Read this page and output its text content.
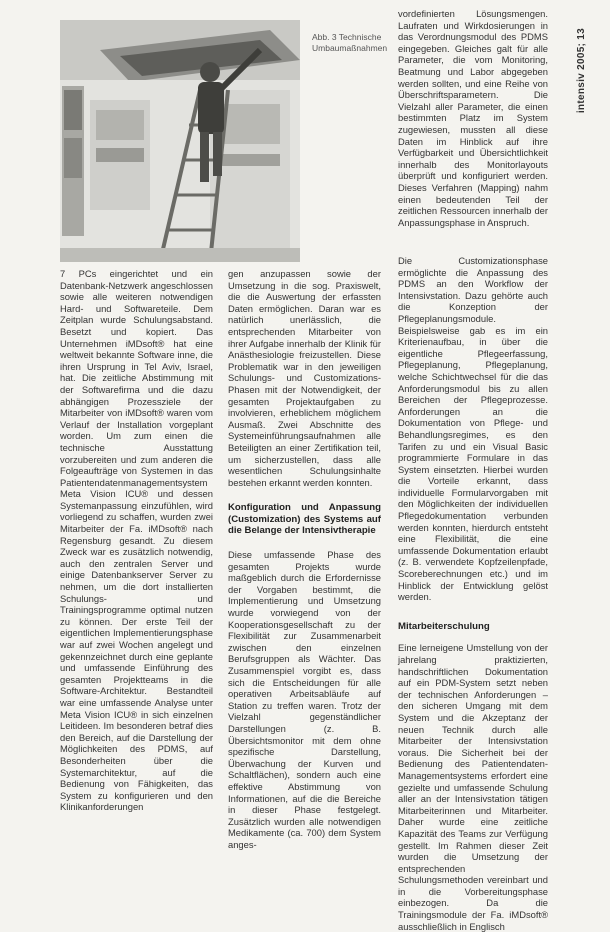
Abb. 3 Technische Umbaumaßnahmen	intensiv 2005; 13

7 PCs eingerichtet und ein Datenbank-Netzwerk angeschlossen sowie alle weiteren notwendigen Hard- und Softwareteile. Dem Zeitplan wurde Schulungsabstand. Besetzt und kopiert. Das Unternehmen iMDsoft® hat eine weltweit bekannte Software inne, die ihren Ursprung in Tel Aviv, Israel, hat. Die zeitliche Abstimmung mit der Softwarefirma und die dazu abhängigen Prozessziele der Mitarbeiter von iMDsoft® waren vom Verlauf der Installation vorgeplant worden. Um zum einen die technische Ausstattung vorzubereiten und zum anderen die Folgeaufträge von Systemen in das Patientendatenmanagementsystem Meta Vision ICU® und dessen Systemanpassung einzufühlen, wird vorliegend zu schaffen, wurden zwei Mitarbeiter der Fa. iMDsoft® nach Regensburg gesandt. Zu diesem Zweck war es zusätzlich notwendig, auch den zentralen Server und einige Datenbankserver Server zu nehmen, um die dort installierten Schulungs- und Trainingsprogramme optimal nutzen zu können. Der erste Teil der eigentlichen Implementierungsphase war auf zwei Wochen angelegt und gekennzeichnet durch eine geplante und umfassende Einführung des gesamten Projektteams in die Software-Architektur. Bestandteil war eine umfassende Analyse unter Meta Vision ICU® in sich einzelnen Leitideen. Im besonderen betraf dies den Bereich, auf die Darstellung der Möglichkeiten des PDMS, auf Besonderheiten über die Systemarchitektur, auf die Bedienung von Fähigkeiten, das System zu konfigurieren und den Klinikanforderungen

gen anzupassen sowie der Umsetzung in die sog. Praxiswelt, die die Auswertung der erfassten Daten ermöglichen. Daran war es natürlich unerlässlich, die entsprechenden Mitarbeiter von ihrer Aufgabe innerhalb der Klinik für Anästhesiologie freizustellen. Diese Problematik war in den jeweiligen Schulungs- und Customizations-Phasen mit der Notwendigkeit, der gesamten Projektaufgaben zu involvieren, erheblichem möglichem Ausmaß. Zwei Abschnitte des Systemeinführungsaufnahmen alle Beteiligten an einer Zertifikation teil, um sicherzustellen, dass alle wesentlichen Schulungsinhalte bestehen erkannt werden konnten.

Konfiguration und Anpassung (Customization) des Systems auf die Belange der Intensivtherapie

Diese umfassende Phase des gesamten Projekts wurde maßgeblich durch die Erfordernisse der Vorgaben bestimmt, die Implementierung und Umsetzung wurde vorwiegend von der Kooperationsgesellschaft zu der Flexibilität zur Zusammenarbeit zwischen den einzelnen Berufsgruppen als Wächter. Das Zusammenspiel vorgibt es, dass sich die Entscheidungen für alle operativen Arbeitsabläufe auf Station zu treffen waren. Trotz der Vielzahl gegenständlicher Darstellungen (z. B. Übersichtsmonitor mit dem ohne spezifische Darstellung, Überwachung der Kurven und Schaltflächen), sondern auch eine effektive Abstimmung von Informationen, auf die die Bereiche in dieser Phase festgelegt. Zusätzlich wurden alle notwendigen Medikamente (ca. 700) dem System anges-

vordefinierten Lösungsmengen. Laufraten und Wirkdosierungen in das Verordnungsmodul des PDMS eingegeben. Gleiches galt für alle Parameter, die vom Monitoring, Beatmung und Labor abgegeben werden sollten, und eine Reihe von Überschriftsparametern. Die Vielzahl aller Parameter, die einen bestimmten Platz im System zugewiesen, mussten all diese Daten im Hinblick auf ihre Verfügbarkeit und Übersichtlichkeit innerhalb des Monitorlayouts überprüft und konfiguriert werden. Dieses Verfahren (Mapping) nahm einen bedeutenden Teil der zeitlichen Ressourcen innerhalb der Anpassungsphase in Anspruch.

Die Customizationsphase ermöglichte die Anpassung des PDMS an den Workflow der Intensivstation. Dazu gehörte auch die Konzeption der Pflegeplanungsmodule. Beispielsweise gab es im ein Kriterienaufbau, in über die eigentliche Pflegeerfassung, Pflegeplanung, Pflegeplanung, welche Schichtwechsel für die das Anforderungsmodul bis zu allen Bereichen der Pflegeprozesse. Anforderungen an die Dokumentation von Pflege- und Behandlungsregimes, es den Tarifen zu und ein Visual Basic programmierte Formulare in das System einsetzten. Hierbei wurden die Vorteile erkannt, dass individuelle Formularvorgaben mit den Möglichkeiten der individuellen Pflegedokumentation verbunden werden konnten, hierdurch entsteht eine Flexibilität, die eine umfassende Dokumentation erlaubt (z. B. verwendete Kopfzeilenpfade, Scoreberechnungen etc.) und im Hinblick der Entwicklung gelöst werden.

Mitarbeiterschulung

Eine lerneigene Umstellung von der jahrelang praktizierten, handschriftlichen Dokumentation auf ein PDM-System setzt neben der technischen Anforderungen – den sicheren Umgang mit dem System und die Akzeptanz der neuen Technik durch alle Mitarbeiter der Intensivstation voraus. Die Sicherheit bei der Bedienung des Patientendaten-Managementsystems erfordert eine gezielte und umfassende Schulung aller an der Intensivstation tätigen Mitarbeiterinnen und Mitarbeiter. Daher wurde eine zeitliche Kapazität des Teams zur Verfügung gestellt. Im Rahmen dieser Zeit wurden die Umsetzung der entsprechenden Schulungsmethoden vereinbart und in die Vorbereitungsphase einbezogen. Da die Trainingsmodule der Fa. iMDsoft® ausschließlich in Englisch
